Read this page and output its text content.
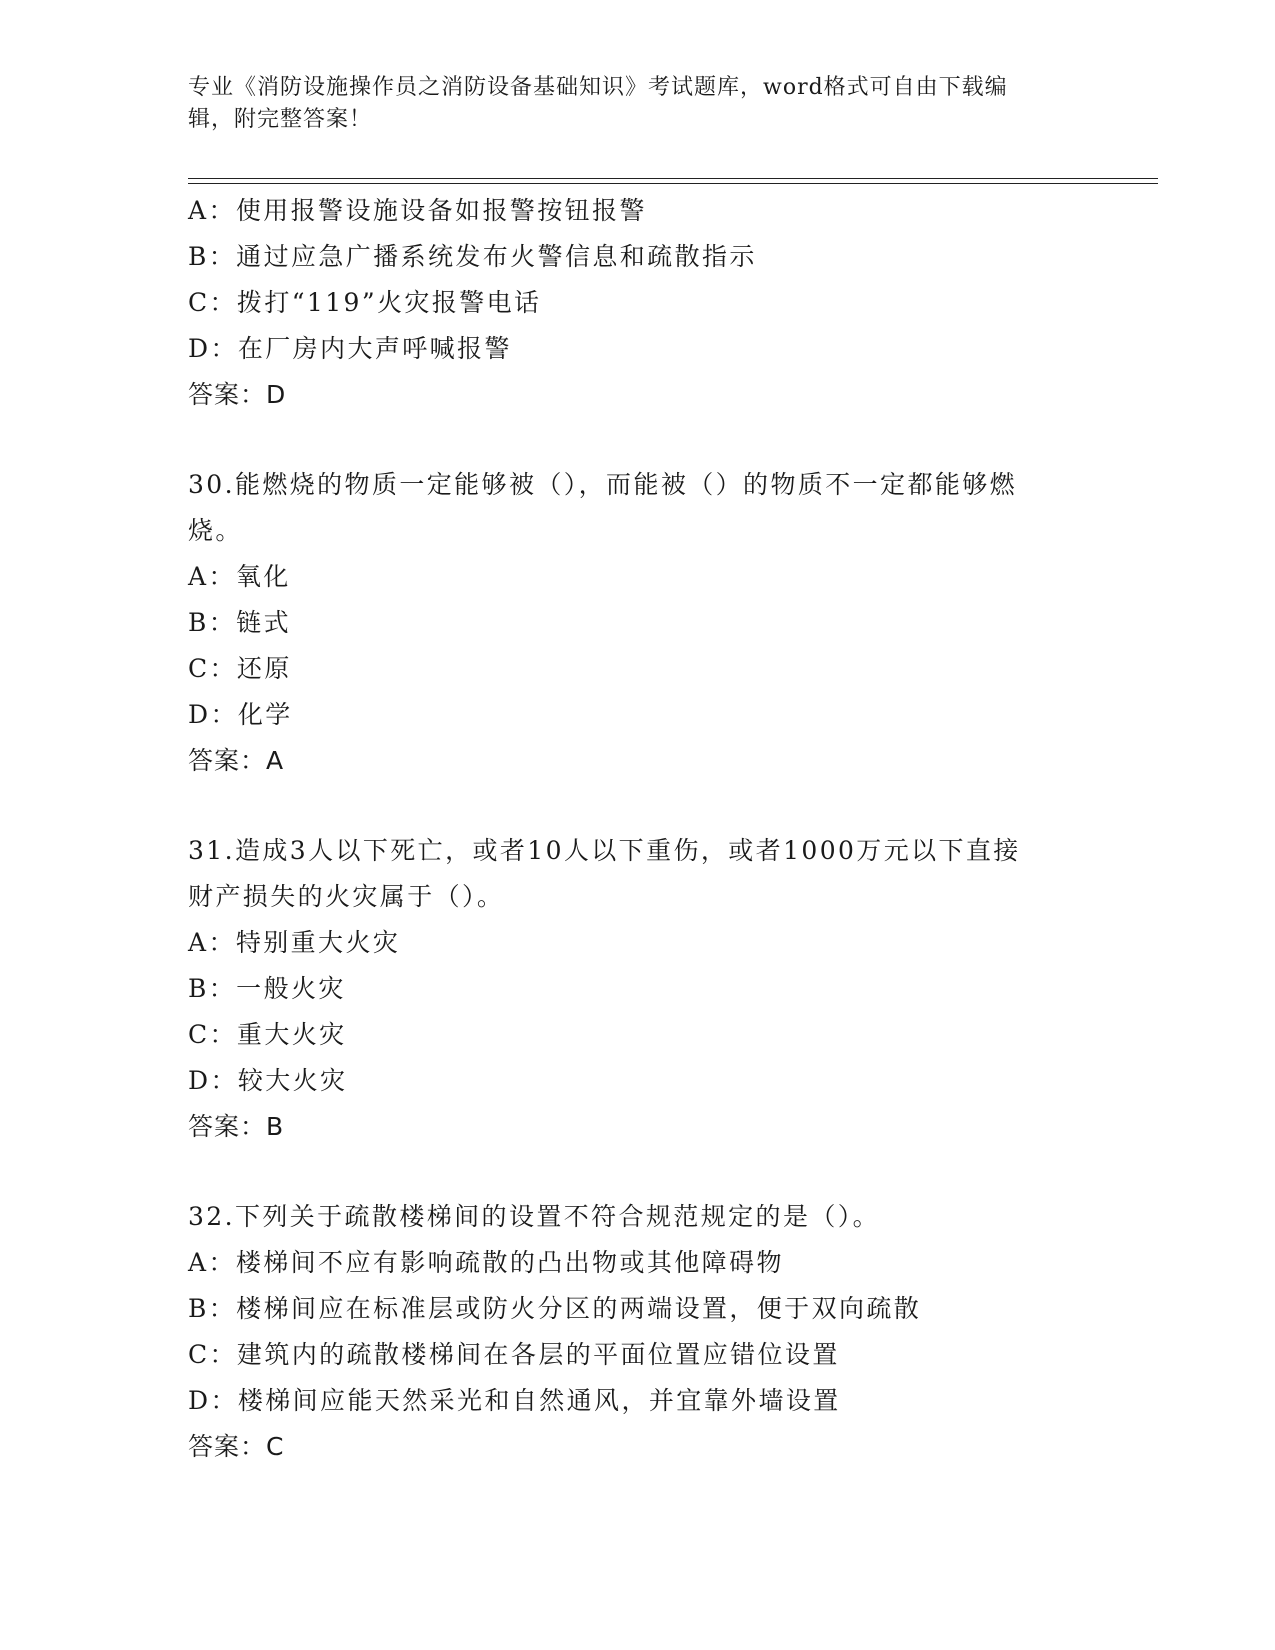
专业《消防设施操作员之消防设备基础知识》考试题库，word格式可自由下载编
辑，附完整答案！
A：使用报警设施设备如报警按钮报警
B：通过应急广播系统发布火警信息和疏散指示
C：拨打“119”火灾报警电话
D：在厂房内大声呼喊报警
答案：D
30.能燃烧的物质一定能够被（），而能被（）的物质不一定都能够燃
烧。
A：氧化
B：链式
C：还原
D：化学
答案：A
31.造成3人以下死亡，或者10人以下重伤，或者1000万元以下直接
财产损失的火灾属于（）。
A：特别重大火灾
B：一般火灾
C：重大火灾
D：较大火灾
答案：B
32.下列关于疏散楼梯间的设置不符合规范规定的是（）。
A：楼梯间不应有影响疏散的凸出物或其他障碍物
B：楼梯间应在标准层或防火分区的两端设置，便于双向疏散
C：建筑内的疏散楼梯间在各层的平面位置应错位设置
D：楼梯间应能天然采光和自然通风，并宜靠外墙设置
答案：C
